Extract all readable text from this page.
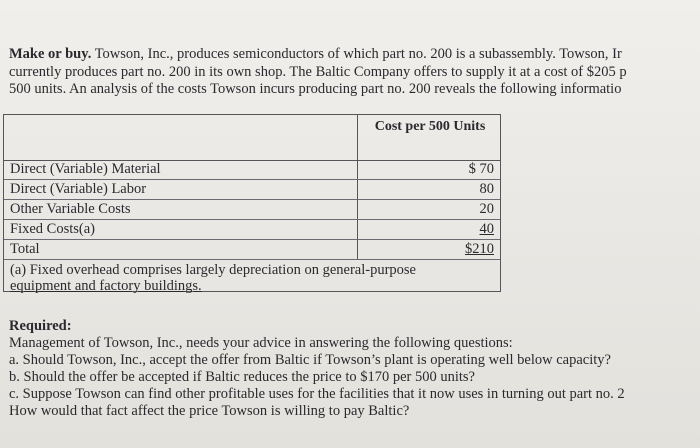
Make or buy. Towson, Inc., produces semiconductors of which part no. 200 is a subassembly. Towson, Ir
currently produces part no. 200 in its own shop. The Baltic Company offers to supply it at a cost of $205 p
500 units. An analysis of the costs Towson incurs producing part no. 200 reveals the following informatio
Cost per 500 Units
Direct (Variable) Material	$ 70
Direct (Variable) Labor	80
Other Variable Costs	20
Fixed Costs(a)	40
Total	$210
(a) Fixed overhead comprises largely depreciation on general-purpose
equipment and factory buildings.
Required:
Management of Towson, Inc., needs your advice in answering the following questions:
a. Should Towson, Inc., accept the offer from Baltic if Towson’s plant is operating well below capacity?
b. Should the offer be accepted if Baltic reduces the price to $170 per 500 units?
c. Suppose Towson can find other profitable uses for the facilities that it now uses in turning out part no. 2
How would that fact affect the price Towson is willing to pay Baltic?
